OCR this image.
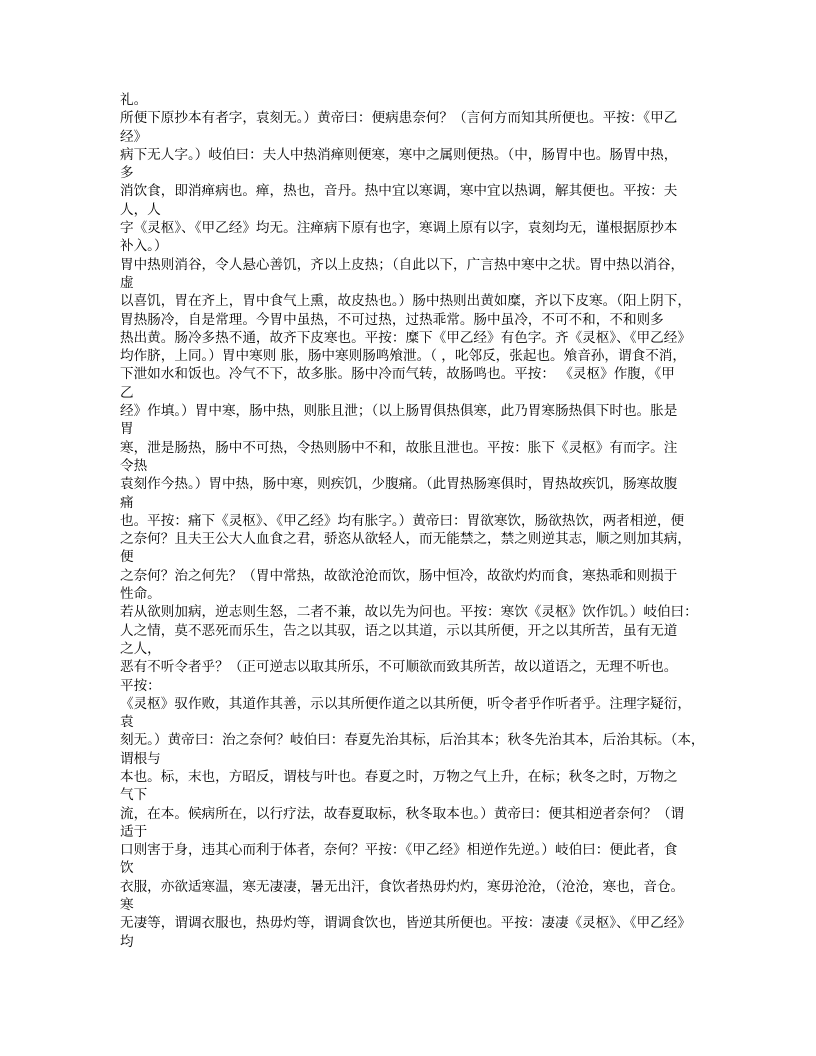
礼。
所便下原抄本有者字，袁刻无。）黄帝曰：便病患奈何？（言何方而知其所便也。平按：《甲乙
经》
病下无人字。）岐伯曰：夫人中热消瘅则便寒，寒中之属则便热。（中，肠胃中也。肠胃中热，
多
消饮食，即消瘅病也。瘅，热也，音丹。热中宜以寒调，寒中宜以热调，解其便也。平按：夫
人，人
字《灵枢》、《甲乙经》均无。注瘅病下原有也字，寒调上原有以字，袁刻均无，谨根据原抄本
补入。）
胃中热则消谷，令人悬心善饥，齐以上皮热；（自此以下，广言热中寒中之状。胃中热以消谷，
虚
以喜饥，胃在齐上，胃中食气上熏，故皮热也。）肠中热则出黄如糜，齐以下皮寒。（阳上阴下，
胃热肠冷，自是常理。今胃中虽热，不可过热，过热乖常。肠中虽冷，不可不和，不和则多
热出黄。肠冷多热不通，故齐下皮寒也。平按：糜下《甲乙经》有色字。齐《灵枢》、《甲乙经》
均作脐，上同。）胃中寒则 胀，肠中寒则肠鸣飧泄。（ ，叱邻反，张起也。飧音孙，谓食不消，
下泄如水和饭也。冷气不下，故多胀。肠中冷而气转，故肠鸣也。平按： 《灵枢》作腹，《甲
乙
经》作填。）胃中寒，肠中热，则胀且泄；（以上肠胃俱热俱寒，此乃胃寒肠热俱下时也。胀是
胃
寒，泄是肠热，肠中不可热，令热则肠中不和，故胀且泄也。平按：胀下《灵枢》有而字。注
令热
袁刻作今热。）胃中热，肠中寒，则疾饥，少腹痛。（此胃热肠寒俱时，胃热故疾饥，肠寒故腹
痛
也。平按：痛下《灵枢》、《甲乙经》均有胀字。）黄帝曰：胃欲寒饮，肠欲热饮，两者相逆，便
之奈何？且夫王公大人血食之君，骄恣从欲轻人，而无能禁之，禁之则逆其志，顺之则加其病，
便
之奈何？治之何先？（胃中常热，故欲沧沧而饮，肠中恒冷，故欲灼灼而食，寒热乖和则损于
性命。
若从欲则加病，逆志则生怒，二者不兼，故以先为问也。平按：寒饮《灵枢》饮作饥。）岐伯曰：
人之情，莫不恶死而乐生，告之以其驭，语之以其道，示以其所便，开之以其所苦，虽有无道
之人，
恶有不听令者乎？（正可逆志以取其所乐，不可顺欲而致其所苦，故以道语之，无理不听也。
平按：
《灵枢》驭作败，其道作其善，示以其所便作道之以其所便，听令者乎作听者乎。注理字疑衍，
袁
刻无。）黄帝曰：治之奈何？岐伯曰：春夏先治其标，后治其本；秋冬先治其本，后治其标。（本，
谓根与
本也。标，末也，方昭反，谓枝与叶也。春夏之时，万物之气上升，在标；秋冬之时，万物之
气下
流，在本。候病所在，以行疗法，故春夏取标，秋冬取本也。）黄帝曰：便其相逆者奈何？（谓
适于
口则害于身，违其心而利于体者，奈何？平按：《甲乙经》相逆作先逆。）岐伯曰：便此者，食
饮
衣服，亦欲适寒温，寒无凄凄，暑无出汗，食饮者热毋灼灼，寒毋沧沧，（沧沧，寒也，音仓。
寒
无凄等，谓调衣服也，热毋灼等，谓调食饮也，皆逆其所便也。平按：凄凄《灵枢》、《甲乙经》
均
